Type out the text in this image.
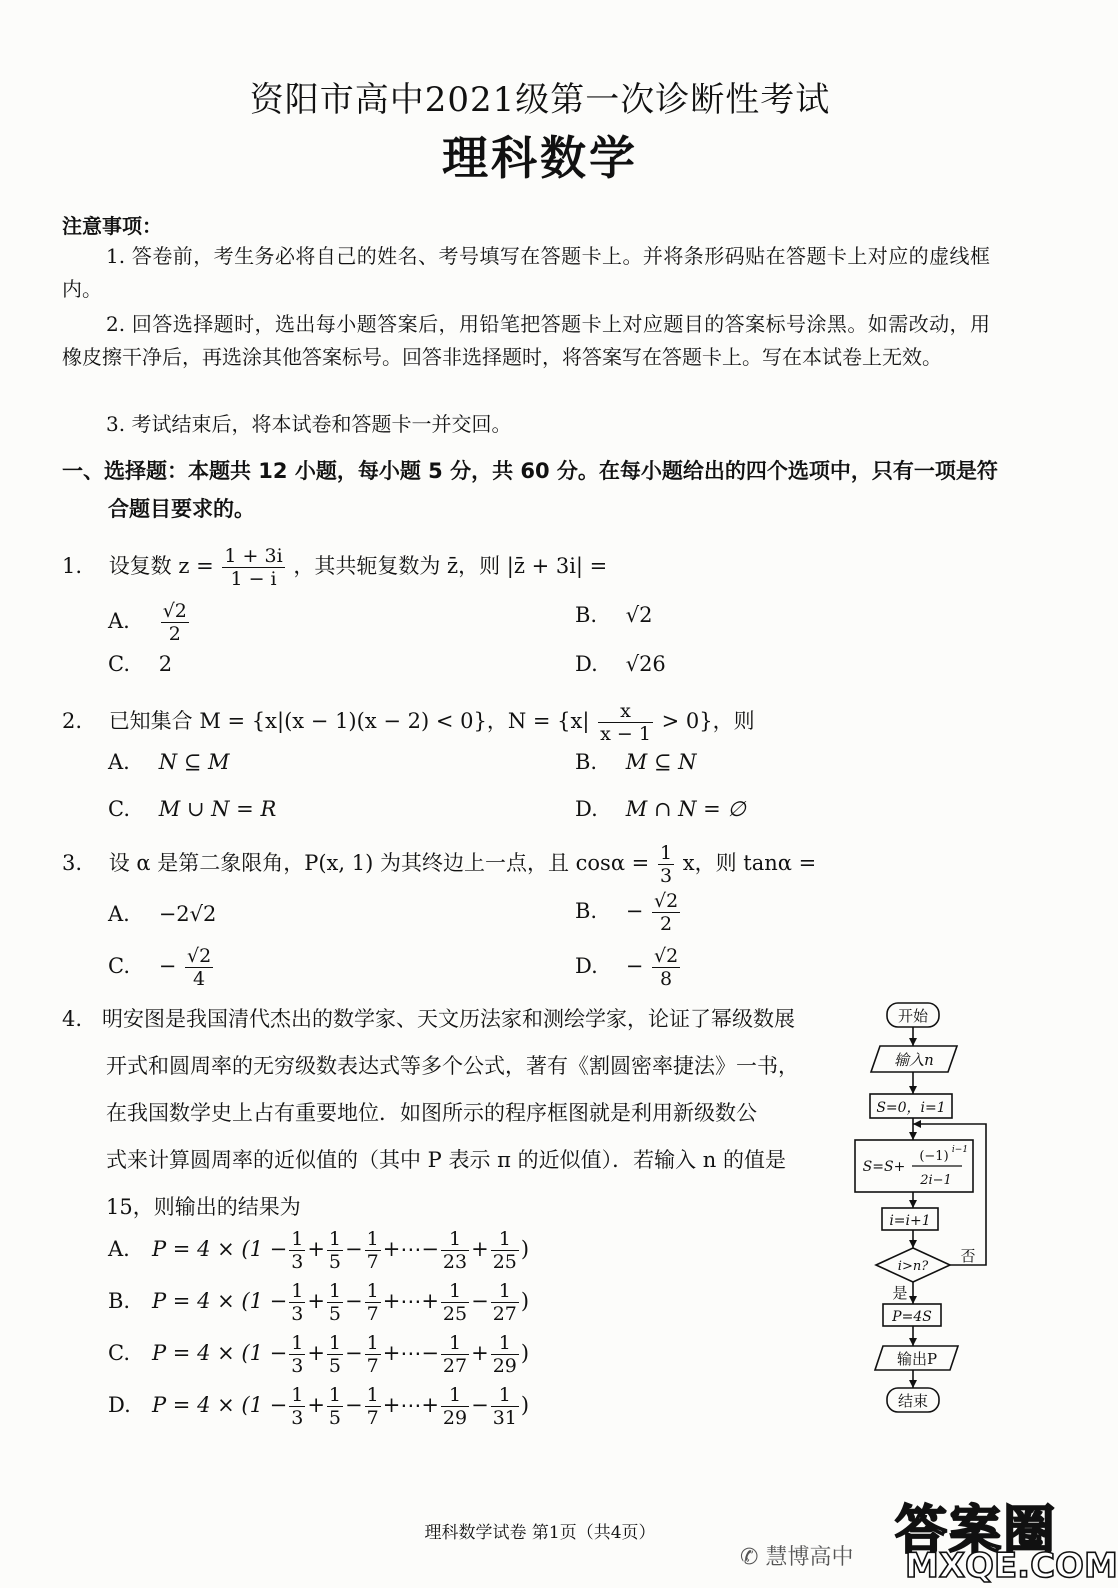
资阳市高中2021级第一次诊断性考试
理科数学
注意事项：
1. 答卷前，考生务必将自己的姓名、考号填写在答题卡上。并将条形码贴在答题卡上对应的虚线框内。
2. 回答选择题时，选出每小题答案后，用铅笔把答题卡上对应题目的答案标号涂黑。如需改动，用橡皮擦干净后，再选涂其他答案标号。回答非选择题时，将答案写在答题卡上。写在本试卷上无效。
3. 考试结束后，将本试卷和答题卡一并交回。
一、选择题：本题共 12 小题，每小题 5 分，共 60 分。在每小题给出的四个选项中，只有一项是符
合题目要求的。
1. 设复数 $z = \frac{1 + 3i}{1 - i}$ ，其共轭复数为 z̄，则 |z̄ + 3i| =
A. $\frac{√2}{2}$	B. √2
C. 2	D. √26
2. 已知集合 M = {x|(x − 1)(x − 2) < 0}，$N = \{x| \frac{x}{x - 1} > 0\}$，则
A. N ⊆ M	B. M ⊆ N
C. M ∪ N = R	D. M ∩ N = ∅
3. 设 α 是第二象限角，P(x, 1) 为其终边上一点，且 $\cos\alpha = \frac{1}{3}$ x，则 tanα =
A. −2√2	B. − $\frac{√2}{2}$
C. − $\frac{√2}{4}$	D. − $\frac{√2}{8}$
4. 明安图是我国清代杰出的数学家、天文历法家和测绘学家，论证了幂级数展
开式和圆周率的无穷级数表达式等多个公式，著有《割圆密率捷法》一书，
在我国数学史上占有重要地位．如图所示的程序框图就是利用新级数公
式来计算圆周率的近似值的（其中 P 表示 π 的近似值）．若输入 n 的值是
15，则输出的结果为
A. $P = 4 \times (1 - \frac{1}{3} + \frac{1}{5} - \frac{1}{7}$ +⋯− $\frac{1}{23} + \frac{1}{25}$ )
B. $P = 4 \times (1 - \frac{1}{3} + \frac{1}{5} - \frac{1}{7}$ +⋯+ $\frac{1}{25} - \frac{1}{27}$ )
C. $P = 4 \times (1 - \frac{1}{3} + \frac{1}{5} - \frac{1}{7}$ +⋯− $\frac{1}{27} + \frac{1}{29}$ )
D. $P = 4 \times (1 - \frac{1}{3} + \frac{1}{5} - \frac{1}{7}$ +⋯+ $\frac{1}{29} - \frac{1}{31}$ )
开始
输入n
S=0，i=1
S=S+
(−1) i−1
2i−1
i=i+1
i>n?
是
否
P=4S
输出P
结束
理科数学试卷 第1页（共4页）
✆ 慧博高中 答案圈
MXQE.COM
